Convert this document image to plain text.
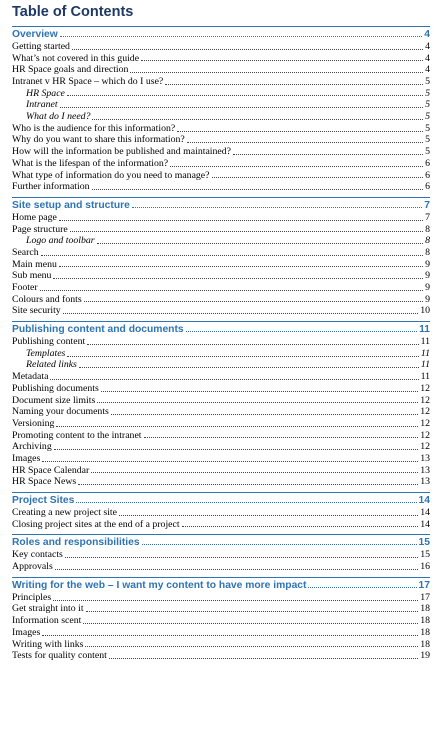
Table of Contents
Overview	4
Getting started	4
What’s not covered in this guide	4
HR Space goals and direction	4
Intranet v HR Space – which do I use?	5
HR Space	5
Intranet	5
What do I need?	5
Who is the audience for this information?	5
Why do you want to share this information?	5
How will the information be published and maintained?	5
What is the lifespan of the information?	6
What type of information do you need to manage?	6
Further information	6
Site setup and structure	7
Home page	7
Page structure	8
Logo and toolbar	8
Search	8
Main menu	9
Sub menu	9
Footer	9
Colours and fonts	9
Site security	10
Publishing content and documents	11
Publishing content	11
Templates	11
Related links	11
Metadata	11
Publishing documents	12
Document size limits	12
Naming your documents	12
Versioning	12
Promoting content to the intranet	12
Archiving	12
Images	13
HR Space Calendar	13
HR Space News	13
Project Sites	14
Creating a new project site	14
Closing project sites at the end of a project	14
Roles and responsibilities	15
Key contacts	15
Approvals	16
Writing for the web – I want my content to have more impact	17
Principles	17
Get straight into it	18
Information scent	18
Images	18
Writing with links	18
Tests for quality content	19
